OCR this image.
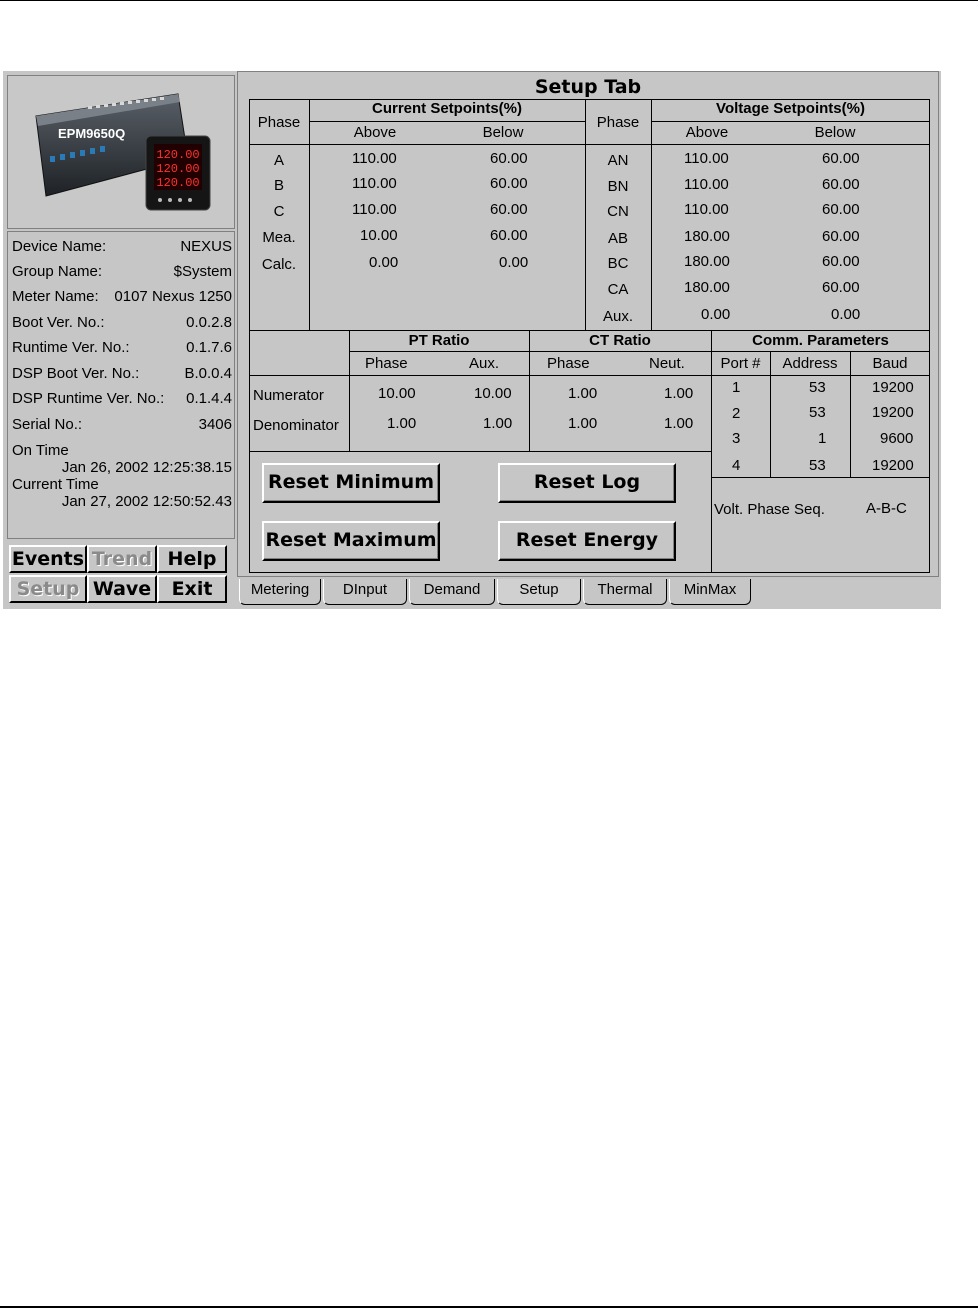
EPM9650Q
120.00
120.00
120.00
Device Name:	NEXUS
Group Name:	$System
Meter Name: 0107 Nexus 1250
Boot Ver. No.:	0.0.2.8
Runtime Ver. No.:	0.1.7.6
DSP Boot Ver. No.:	B.0.0.4
DSP Runtime Ver. No.: 0.1.4.4
Serial No.:	3406
On Time
Jan 26, 2002 12:25:38.15
Current Time
Jan 27, 2002 12:50:52.43
Events Trend Help
Setup Wave	Exit
Setup Tab
Phase
Current Setpoints(%)
Above	Below
Phase
Voltage Setpoints(%)
Above	Below
A	110.00	60.00
B	110.00	60.00
C	110.00	60.00
Mea.	10.00	60.00
Calc.	0.00	0.00
AN	110.00	60.00
BN	110.00	60.00
CN	110.00	60.00
AB	180.00	60.00
BC	180.00	60.00
CA	180.00	60.00
Aux.	0.00	0.00
PT Ratio	CT Ratio
Phase	Aux.	Phase	Neut.
Numerator	10.00	10.00	1.00	1.00
Denominator	1.00	1.00	1.00	1.00
Comm. Parameters
Port #	Address	Baud
1	53	19200
2	53	19200
3	1	9600
4	53	19200
Volt. Phase Seq.	A-B-C
Reset Minimum	Reset Log
Reset Maximum	Reset Energy
Metering	DInput	Demand	Setup	Thermal	MinMax
